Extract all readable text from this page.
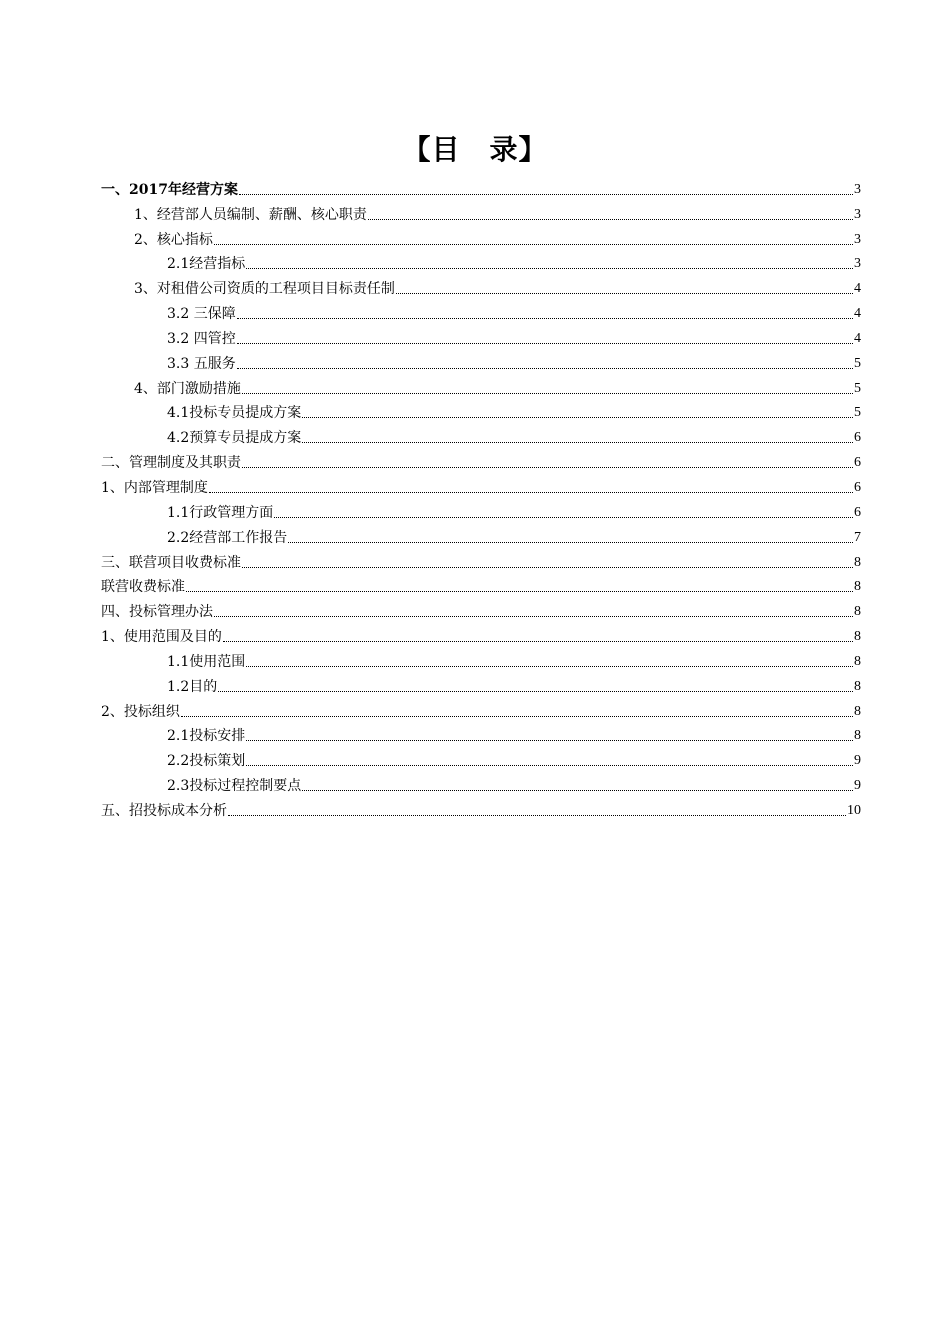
【目　录】
一、2017年经营方案	3
1、经营部人员编制、薪酬、核心职责	3
2、核心指标	3
2.1经营指标	3
3、对租借公司资质的工程项目目标责任制	4
3.2 三保障	4
3.2 四管控	4
3.3 五服务	5
4、部门激励措施	5
4.1投标专员提成方案	5
4.2预算专员提成方案	6
二、管理制度及其职责	6
1、内部管理制度	6
1.1行政管理方面	6
2.2经营部工作报告	7
三、联营项目收费标准	8
联营收费标准	8
四、投标管理办法	8
1、使用范围及目的	8
1.1使用范围	8
1.2目的	8
2、投标组织	8
2.1投标安排	8
2.2投标策划	9
2.3投标过程控制要点	9
五、招投标成本分析	10
